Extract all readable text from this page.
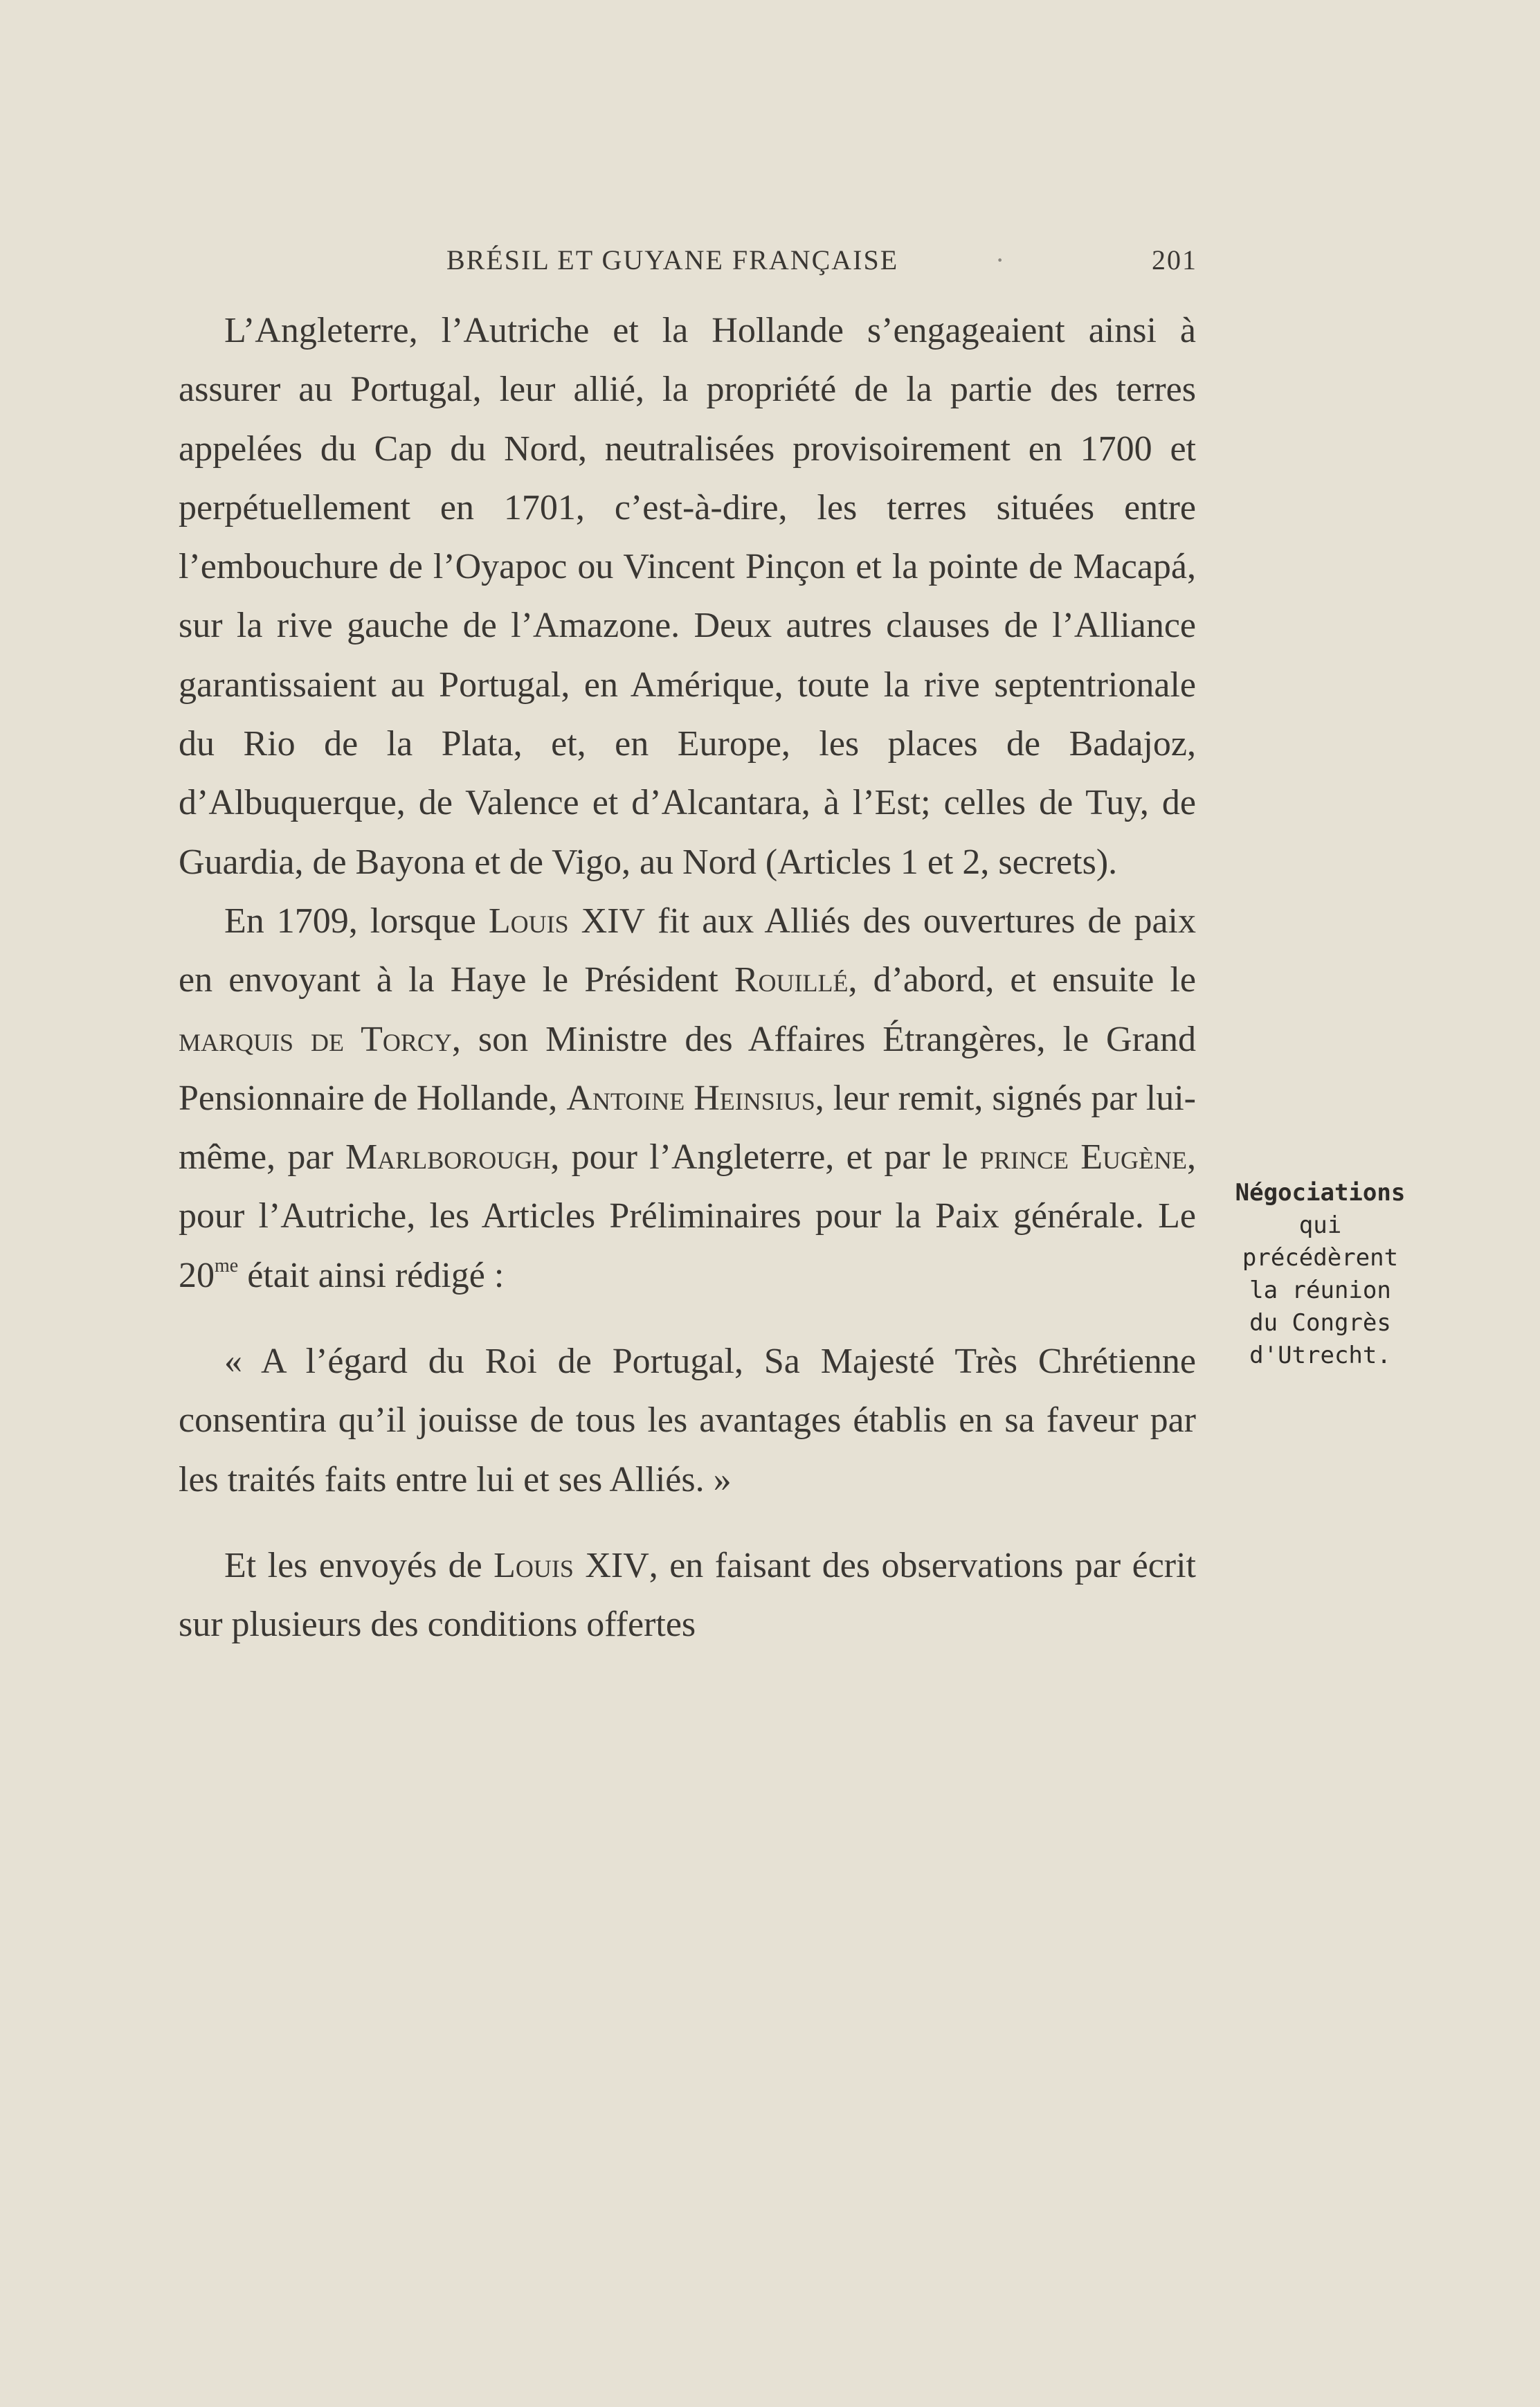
BRÉSIL ET GUYANE FRANÇAISE	·	201

L’Angleterre, l’Autriche et la Hollande s’engageaient ainsi à assurer au Portugal, leur allié, la propriété de la partie des terres appelées du Cap du Nord, neutralisées provisoirement en 1700 et perpétuellement en 1701, c’est-à-dire, les terres situées entre l’embouchure de l’Oyapoc ou Vincent Pinçon et la pointe de Macapá, sur la rive gauche de l’Amazone. Deux autres clauses de l’Alliance garantissaient au Portugal, en Amérique, toute la rive septentrionale du Rio de la Plata, et, en Europe, les places de Badajoz, d’Albuquerque, de Valence et d’Alcantara, à l’Est; celles de Tuy, de Guardia, de Bayona et de Vigo, au Nord (Articles 1 et 2, secrets).

En 1709, lorsque Louis XIV fit aux Alliés des ouvertures de paix en envoyant à la Haye le Président Rouillé, d’abord, et ensuite le marquis de Torcy, son Ministre des Affaires Étrangères, le Grand Pensionnaire de Hollande, Antoine Heinsius, leur remit, signés par lui-même, par Marlborough, pour l’Angleterre, et par le prince Eugène, pour l’Autriche, les Articles Préliminaires pour la Paix générale. Le $20^{me}$ était ainsi rédigé :

« A l’égard du Roi de Portugal, Sa Majesté Très Chrétienne consentira qu’il jouisse de tous les avantages établis en sa faveur par les traités faits entre lui et ses Alliés. »

Et les envoyés de Louis XIV, en faisant des observations par écrit sur plusieurs des conditions offertes

Négociations
qui
précédèrent
la réunion
du Congrès
d'Utrecht.
